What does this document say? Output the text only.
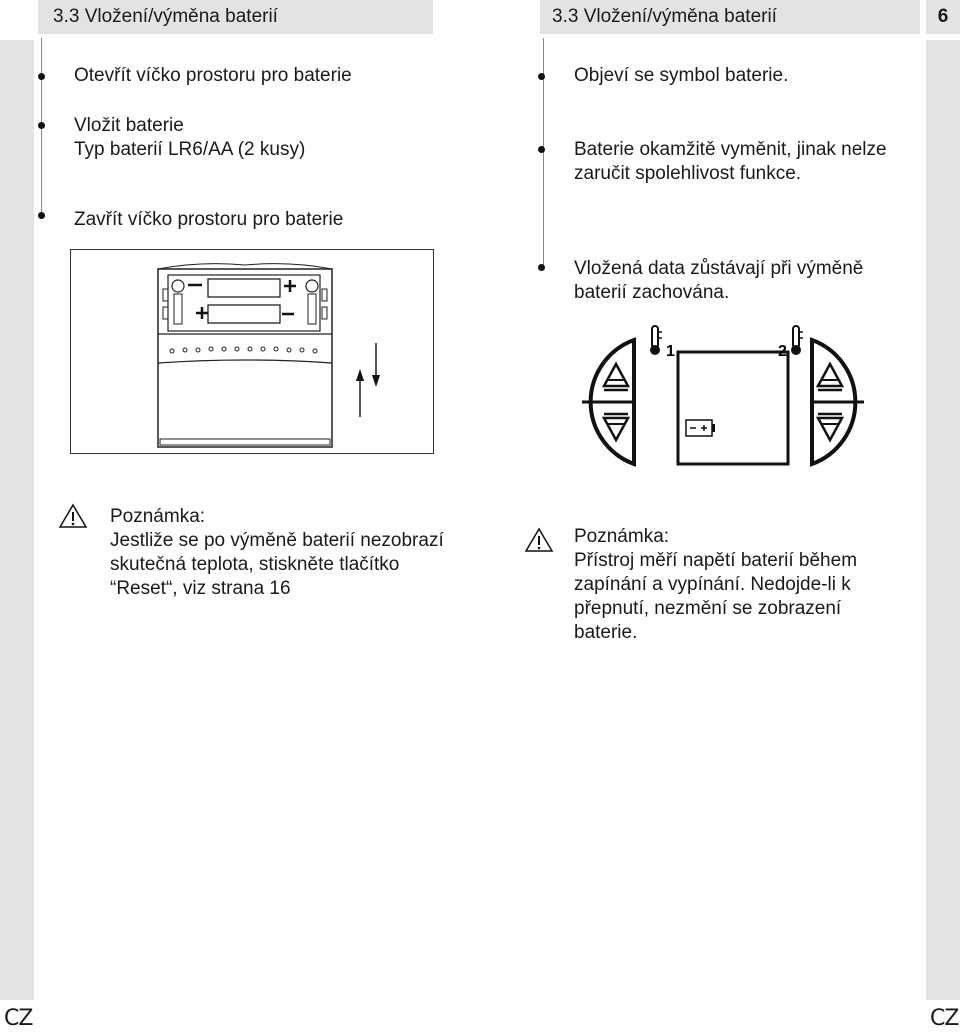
3.3 Vložení/výměna baterií	3.3 Vložení/výměna baterií	6
Otevřít víčko prostoru pro baterie
Vložit baterie
Typ baterií LR6/AA (2 kusy)
Zavřít víčko prostoru pro baterie
Objeví se symbol baterie.
Baterie okamžitě vyměnit, jinak nelze
zaručit spolehlivost funkce.
Vložená data zůstávají při výměně
baterií zachována.
1	2
Poznámka:
Jestliže se po výměně baterií nezobrazí
skutečná teplota, stiskněte tlačítko
“Reset“, viz strana 16
Poznámka:
Přístroj měří napětí baterií během
zapínání a vypínání. Nedojde-li k
přepnutí, nezmění se zobrazení
baterie.
CZ	CZ
